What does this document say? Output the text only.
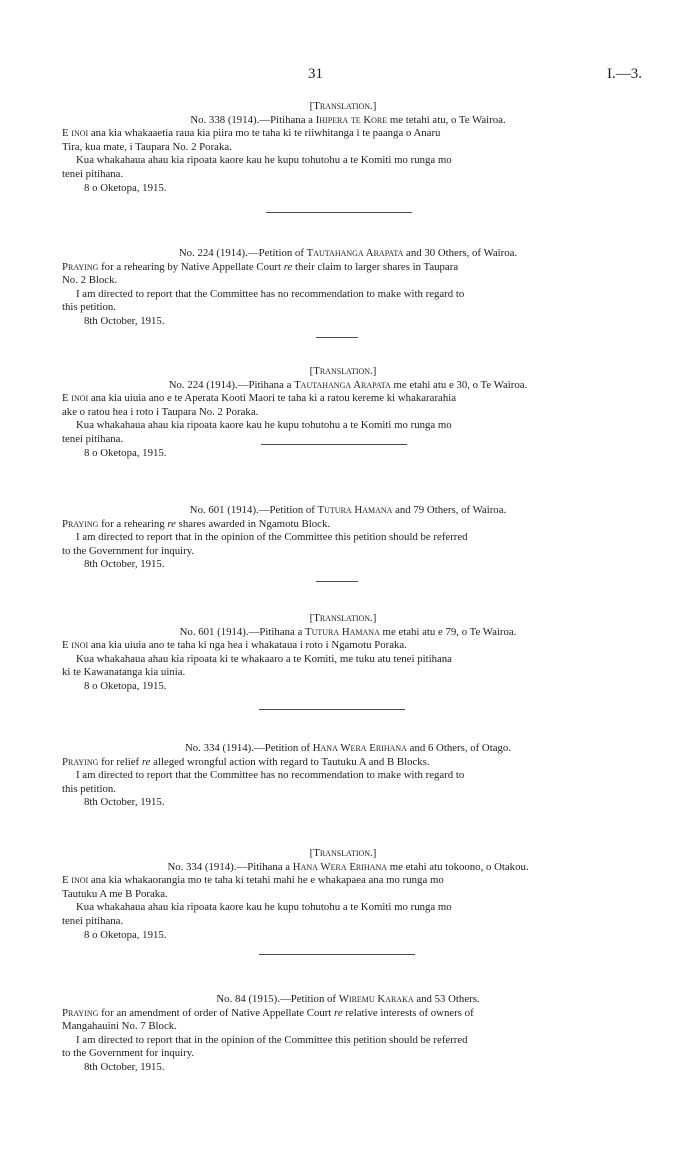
31	I.—3.
[Translation.]
No. 338 (1914).—Pitihana a Ihipera te Kore me tetahi atu, o Te Wairoa.
E inoi ana kia whakaaetia raua kia piira mo te taha ki te riiwhitanga i te paanga o Anaru
Tira, kua mate, i Taupara No. 2 Poraka.
Kua whakahaua ahau kia ripoata kaore kau he kupu tohutohu a te Komiti mo runga mo
tenei pitihana.
8 o Oketopa, 1915.
No. 224 (1914).—Petition of Tautahanga Arapata and 30 Others, of Wairoa.
Praying for a rehearing by Native Appellate Court re their claim to larger shares in Taupara
No. 2 Block.
I am directed to report that the Committee has no recommendation to make with regard to
this petition.
8th October, 1915.
[Translation.]
No. 224 (1914).—Pitihana a Tautahanga Arapata me etahi atu e 30, o Te Wairoa.
E inoi ana kia uiuia ano e te Aperata Kooti Maori te taha ki a ratou kereme ki whakararahia
ake o ratou hea i roto i Taupara No. 2 Poraka.
Kua whakahaua ahau kia ripoata kaore kau he kupu tohutohu a te Komiti mo runga mo
tenei pitihana.
8 o Oketopa, 1915.
No. 601 (1914).—Petition of Tutura Hamana and 79 Others, of Wairoa.
Praying for a rehearing re shares awarded in Ngamotu Block.
I am directed to report that in the opinion of the Committee this petition should be referred
to the Government for inquiry.
8th October, 1915.
[Translation.]
No. 601 (1914).—Pitihana a Tutura Hamana me etahi atu e 79, o Te Wairoa.
E inoi ana kia uiuia ano te taha ki nga hea i whakataua i roto i Ngamotu Poraka.
Kua whakahaua ahau kia ripoata ki te whakaaro a te Komiti, me tuku atu tenei pitihana
ki te Kawanatanga kia uinia.
8 o Oketopa, 1915.
No. 334 (1914).—Petition of Hana Wera Erihana and 6 Others, of Otago.
Praying for relief re alleged wrongful action with regard to Tautuku A and B Blocks.
I am directed to report that the Committee has no recommendation to make with regard to
this petition.
8th October, 1915.
[Translation.]
No. 334 (1914).—Pitihana a Hana Wera Erihana me etahi atu tokoono, o Otakou.
E inoi ana kia whakaorangia mo te taha ki tetahi mahi he e whakapaea ana mo runga mo
Tautuku A me B Poraka.
Kua whakahaua ahau kia ripoata kaore kau he kupu tohutohu a te Komiti mo runga mo
tenei pitihana.
8 o Oketopa, 1915.
No. 84 (1915).—Petition of Wiremu Karaka and 53 Others.
Praying for an amendment of order of Native Appellate Court re relative interests of owners of
Mangahauini No. 7 Block.
I am directed to report that in the opinion of the Committee this petition should be referred
to the Government for inquiry.
8th October, 1915.
